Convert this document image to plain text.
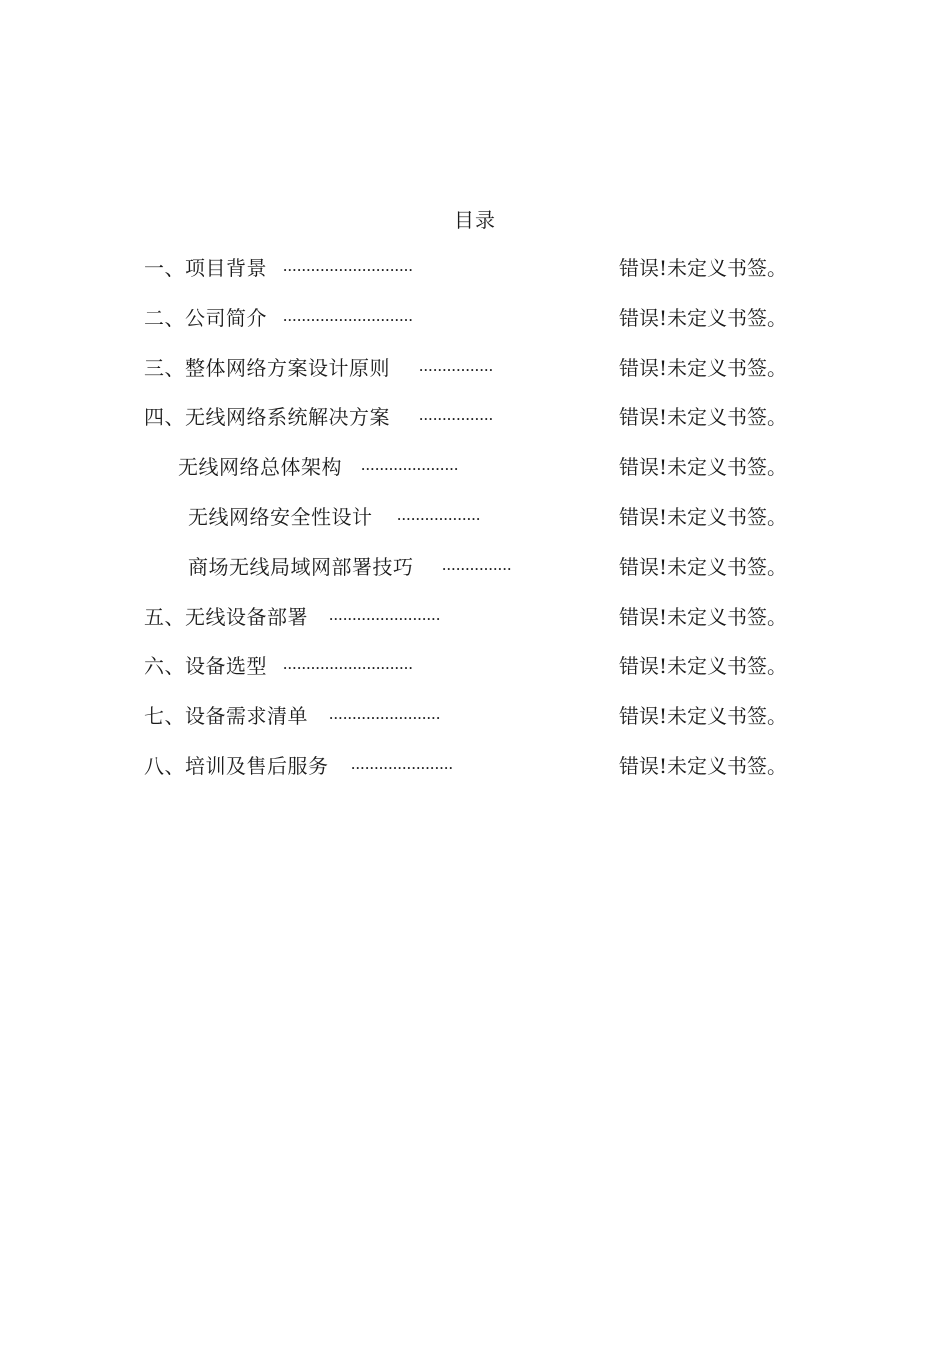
目录
一、项目背景 ............................	错误!未定义书签。
二、公司简介 ............................	错误!未定义书签。
三、整体网络方案设计原则 ................	错误!未定义书签。
四、无线网络系统解决方案 ................	错误!未定义书签。
无线网络总体架构 .....................	错误!未定义书签。
无线网络安全性设计 ..................	错误!未定义书签。
商场无线局域网部署技巧 ...............	错误!未定义书签。
五、无线设备部署 ........................	错误!未定义书签。
六、设备选型 ............................	错误!未定义书签。
七、设备需求清单 ........................	错误!未定义书签。
八、培训及售后服务 ......................	错误!未定义书签。
